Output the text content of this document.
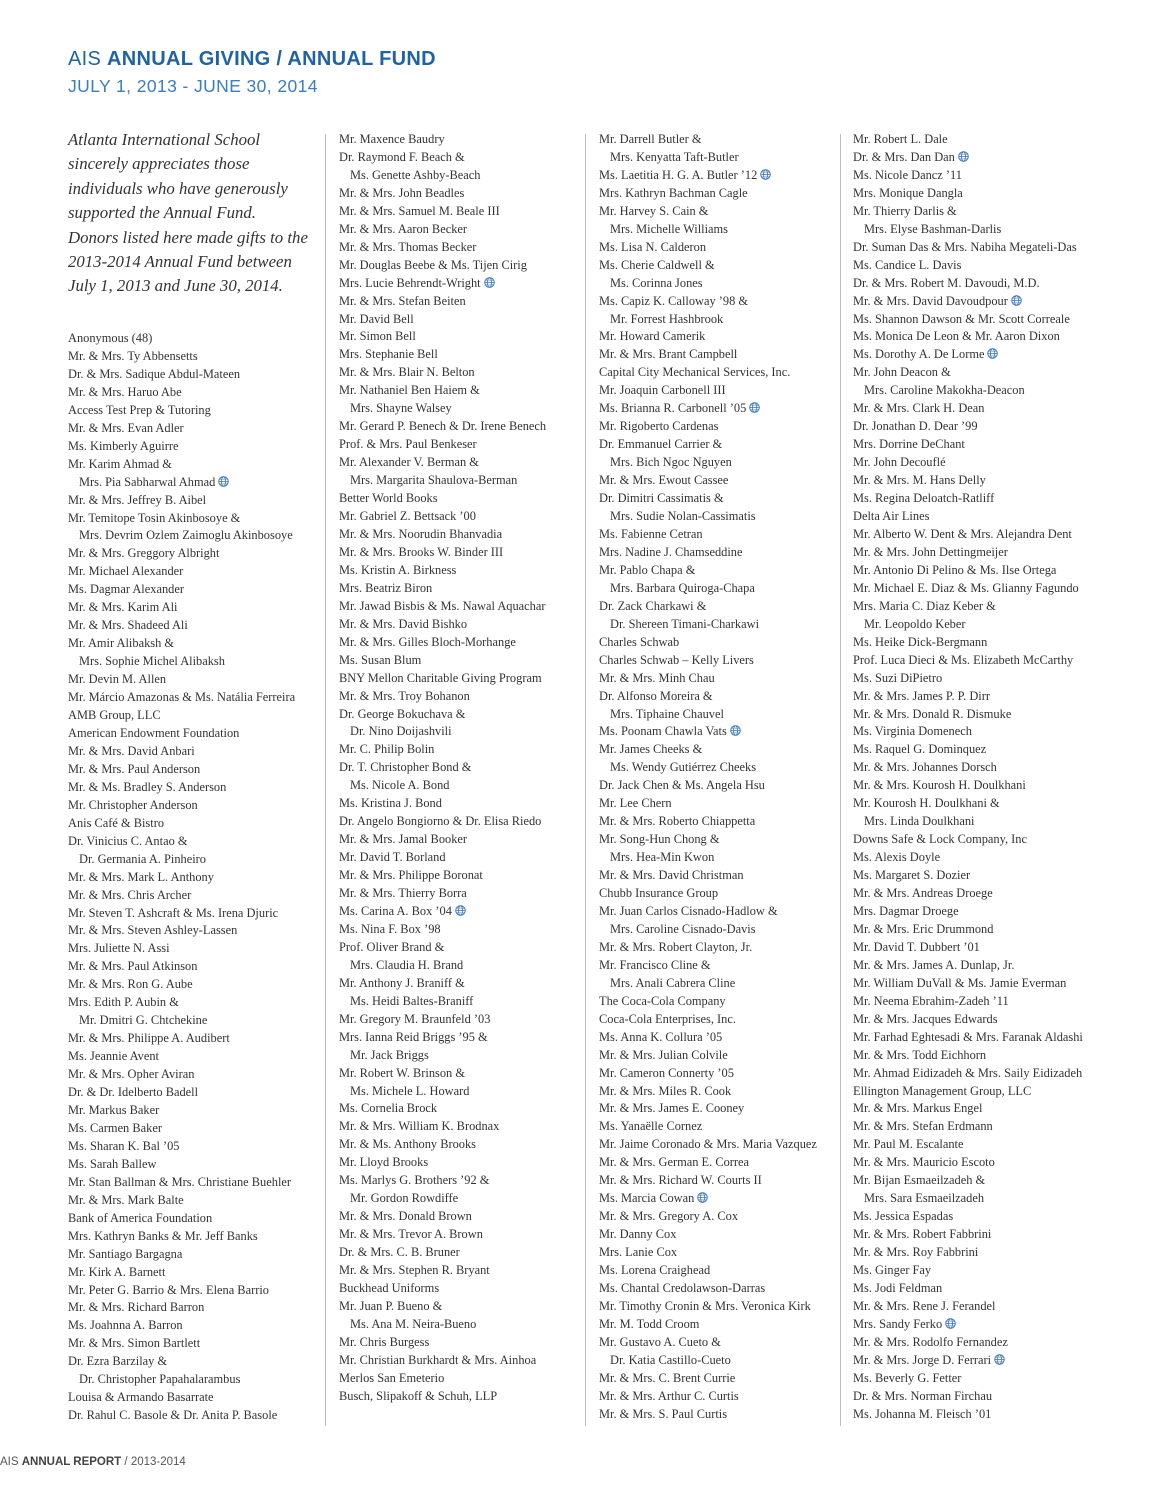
AIS ANNUAL GIVING / ANNUAL FUND
JULY 1, 2013 - JUNE 30, 2014
Atlanta International School
sincerely appreciates those
individuals who have generously
supported the Annual Fund.
Donors listed here made gifts to the
2013-2014 Annual Fund between
July 1, 2013 and June 30, 2014.
Anonymous (48)
Mr. & Mrs. Ty Abbensetts
Dr. & Mrs. Sadique Abdul-Mateen
Mr. & Mrs. Haruo Abe
Access Test Prep & Tutoring
Mr. & Mrs. Evan Adler
Ms. Kimberly Aguirre
Mr. Karim Ahmad &
Mrs. Pia Sabharwal Ahmad
Mr. & Mrs. Jeffrey B. Aibel
Mr. Temitope Tosin Akinbosoye &
Mrs. Devrim Ozlem Zaimoglu Akinbosoye
Mr. & Mrs. Greggory Albright
Mr. Michael Alexander
Ms. Dagmar Alexander
Mr. & Mrs. Karim Ali
Mr. & Mrs. Shadeed Ali
Mr. Amir Alibaksh &
Mrs. Sophie Michel Alibaksh
Mr. Devin M. Allen
Mr. Márcio Amazonas & Ms. Natália Ferreira
AMB Group, LLC
American Endowment Foundation
Mr. & Mrs. David Anbari
Mr. & Mrs. Paul Anderson
Mr. & Ms. Bradley S. Anderson
Mr. Christopher Anderson
Anis Café & Bistro
Dr. Vinicius C. Antao &
Dr. Germania A. Pinheiro
Mr. & Mrs. Mark L. Anthony
Mr. & Mrs. Chris Archer
Mr. Steven T. Ashcraft & Ms. Irena Djuric
Mr. & Mrs. Steven Ashley-Lassen
Mrs. Juliette N. Assi
Mr. & Mrs. Paul Atkinson
Mr. & Mrs. Ron G. Aube
Mrs. Edith P. Aubin &
Mr. Dmitri G. Chtchekine
Mr. & Mrs. Philippe A. Audibert
Ms. Jeannie Avent
Mr. & Mrs. Opher Aviran
Dr. & Dr. Idelberto Badell
Mr. Markus Baker
Ms. Carmen Baker
Ms. Sharan K. Bal ’05
Ms. Sarah Ballew
Mr. Stan Ballman & Mrs. Christiane Buehler
Mr. & Mrs. Mark Balte
Bank of America Foundation
Mrs. Kathryn Banks & Mr. Jeff Banks
Mr. Santiago Bargagna
Mr. Kirk A. Barnett
Mr. Peter G. Barrio & Mrs. Elena Barrio
Mr. & Mrs. Richard Barron
Ms. Joahnna A. Barron
Mr. & Mrs. Simon Bartlett
Dr. Ezra Barzilay &
Dr. Christopher Papahalarambus
Louisa & Armando Basarrate
Dr. Rahul C. Basole & Dr. Anita P. Basole
Mr. Maxence Baudry
Dr. Raymond F. Beach &
Ms. Genette Ashby-Beach
Mr. & Mrs. John Beadles
Mr. & Mrs. Samuel M. Beale III
Mr. & Mrs. Aaron Becker
Mr. & Mrs. Thomas Becker
Mr. Douglas Beebe & Ms. Tijen Cirig
Mrs. Lucie Behrendt-Wright
Mr. & Mrs. Stefan Beiten
Mr. David Bell
Mr. Simon Bell
Mrs. Stephanie Bell
Mr. & Mrs. Blair N. Belton
Mr. Nathaniel Ben Haiem &
Mrs. Shayne Walsey
Mr. Gerard P. Benech & Dr. Irene Benech
Prof. & Mrs. Paul Benkeser
Mr. Alexander V. Berman &
Mrs. Margarita Shaulova-Berman
Better World Books
Mr. Gabriel Z. Bettsack ’00
Mr. & Mrs. Noorudin Bhanvadia
Mr. & Mrs. Brooks W. Binder III
Ms. Kristin A. Birkness
Mrs. Beatriz Biron
Mr. Jawad Bisbis & Ms. Nawal Aquachar
Mr. & Mrs. David Bishko
Mr. & Mrs. Gilles Bloch-Morhange
Ms. Susan Blum
BNY Mellon Charitable Giving Program
Mr. & Mrs. Troy Bohanon
Dr. George Bokuchava &
Dr. Nino Doijashvili
Mr. C. Philip Bolin
Dr. T. Christopher Bond &
Ms. Nicole A. Bond
Ms. Kristina J. Bond
Dr. Angelo Bongiorno & Dr. Elisa Riedo
Mr. & Mrs. Jamal Booker
Mr. David T. Borland
Mr. & Mrs. Philippe Boronat
Mr. & Mrs. Thierry Borra
Ms. Carina A. Box ’04
Ms. Nina F. Box ’98
Prof. Oliver Brand &
Mrs. Claudia H. Brand
Mr. Anthony J. Braniff &
Ms. Heidi Baltes-Braniff
Mr. Gregory M. Braunfeld ’03
Mrs. Ianna Reid Briggs ’95 &
Mr. Jack Briggs
Mr. Robert W. Brinson &
Ms. Michele L. Howard
Ms. Cornelia Brock
Mr. & Mrs. William K. Brodnax
Mr. & Ms. Anthony Brooks
Mr. Lloyd Brooks
Ms. Marlys G. Brothers ’92 &
Mr. Gordon Rowdiffe
Mr. & Mrs. Donald Brown
Mr. & Mrs. Trevor A. Brown
Dr. & Mrs. C. B. Bruner
Mr. & Mrs. Stephen R. Bryant
Buckhead Uniforms
Mr. Juan P. Bueno &
Ms. Ana M. Neira-Bueno
Mr. Chris Burgess
Mr. Christian Burkhardt & Mrs. Ainhoa
Merlos San Emeterio
Busch, Slipakoff & Schuh, LLP
Mr. Darrell Butler &
Mrs. Kenyatta Taft-Butler
Ms. Laetitia H. G. A. Butler ’12
Mrs. Kathryn Bachman Cagle
Mr. Harvey S. Cain &
Mrs. Michelle Williams
Ms. Lisa N. Calderon
Ms. Cherie Caldwell &
Ms. Corinna Jones
Ms. Capiz K. Calloway ’98 &
Mr. Forrest Hashbrook
Mr. Howard Camerik
Mr. & Mrs. Brant Campbell
Capital City Mechanical Services, Inc.
Mr. Joaquin Carbonell III
Ms. Brianna R. Carbonell ’05
Mr. Rigoberto Cardenas
Dr. Emmanuel Carrier &
Mrs. Bich Ngoc Nguyen
Mr. & Mrs. Ewout Cassee
Dr. Dimitri Cassimatis &
Mrs. Sudie Nolan-Cassimatis
Ms. Fabienne Cetran
Mrs. Nadine J. Chamseddine
Mr. Pablo Chapa &
Mrs. Barbara Quiroga-Chapa
Dr. Zack Charkawi &
Dr. Shereen Timani-Charkawi
Charles Schwab
Charles Schwab – Kelly Livers
Mr. & Mrs. Minh Chau
Dr. Alfonso Moreira &
Mrs. Tiphaine Chauvel
Ms. Poonam Chawla Vats
Mr. James Cheeks &
Ms. Wendy Gutiérrez Cheeks
Dr. Jack Chen & Ms. Angela Hsu
Mr. Lee Chern
Mr. & Mrs. Roberto Chiappetta
Mr. Song-Hun Chong &
Mrs. Hea-Min Kwon
Mr. & Mrs. David Christman
Chubb Insurance Group
Mr. Juan Carlos Cisnado-Hadlow &
Mrs. Caroline Cisnado-Davis
Mr. & Mrs. Robert Clayton, Jr.
Mr. Francisco Cline &
Mrs. Anali Cabrera Cline
The Coca-Cola Company
Coca-Cola Enterprises, Inc.
Ms. Anna K. Collura ’05
Mr. & Mrs. Julian Colvile
Mr. Cameron Connerty ’05
Mr. & Mrs. Miles R. Cook
Mr. & Mrs. James E. Cooney
Ms. Yanaëlle Cornez
Mr. Jaime Coronado & Mrs. Maria Vazquez
Mr. & Mrs. German E. Correa
Mr. & Mrs. Richard W. Courts II
Ms. Marcia Cowan
Mr. & Mrs. Gregory A. Cox
Mr. Danny Cox
Mrs. Lanie Cox
Ms. Lorena Craighead
Ms. Chantal Credolawson-Darras
Mr. Timothy Cronin & Mrs. Veronica Kirk
Mr. M. Todd Croom
Mr. Gustavo A. Cueto &
Dr. Katia Castillo-Cueto
Mr. & Mrs. C. Brent Currie
Mr. & Mrs. Arthur C. Curtis
Mr. & Mrs. S. Paul Curtis
Mr. Robert L. Dale
Dr. & Mrs. Dan Dan
Ms. Nicole Dancz ’11
Mrs. Monique Dangla
Mr. Thierry Darlis &
Mrs. Elyse Bashman-Darlis
Dr. Suman Das & Mrs. Nabiha Megateli-Das
Ms. Candice L. Davis
Dr. & Mrs. Robert M. Davoudi, M.D.
Mr. & Mrs. David Davoudpour
Ms. Shannon Dawson & Mr. Scott Correale
Ms. Monica De Leon & Mr. Aaron Dixon
Ms. Dorothy A. De Lorme
Mr. John Deacon &
Mrs. Caroline Makokha-Deacon
Mr. & Mrs. Clark H. Dean
Dr. Jonathan D. Dear ’99
Mrs. Dorrine DeChant
Mr. John Decouflé
Mr. & Mrs. M. Hans Delly
Ms. Regina Deloatch-Ratliff
Delta Air Lines
Mr. Alberto W. Dent & Mrs. Alejandra Dent
Mr. & Mrs. John Dettingmeijer
Mr. Antonio Di Pelino & Ms. Ilse Ortega
Mr. Michael E. Diaz & Ms. Glianny Fagundo
Mrs. Maria C. Diaz Keber &
Mr. Leopoldo Keber
Ms. Heike Dick-Bergmann
Prof. Luca Dieci & Ms. Elizabeth McCarthy
Ms. Suzi DiPietro
Mr. & Mrs. James P. P. Dirr
Mr. & Mrs. Donald R. Dismuke
Ms. Virginia Domenech
Ms. Raquel G. Dominquez
Mr. & Mrs. Johannes Dorsch
Mr. & Mrs. Kourosh H. Doulkhani
Mr. Kourosh H. Doulkhani &
Mrs. Linda Doulkhani
Downs Safe & Lock Company, Inc
Ms. Alexis Doyle
Ms. Margaret S. Dozier
Mr. & Mrs. Andreas Droege
Mrs. Dagmar Droege
Mr. & Mrs. Eric Drummond
Mr. David T. Dubbert ’01
Mr. & Mrs. James A. Dunlap, Jr.
Mr. William DuVall & Ms. Jamie Everman
Mr. Neema Ebrahim-Zadeh ’11
Mr. & Mrs. Jacques Edwards
Mr. Farhad Eghtesadi & Mrs. Faranak Aldashi
Mr. & Mrs. Todd Eichhorn
Mr. Ahmad Eidizadeh & Mrs. Saily Eidizadeh
Ellington Management Group, LLC
Mr. & Mrs. Markus Engel
Mr. & Mrs. Stefan Erdmann
Mr. Paul M. Escalante
Mr. & Mrs. Mauricio Escoto
Mr. Bijan Esmaeilzadeh &
Mrs. Sara Esmaeilzadeh
Ms. Jessica Espadas
Mr. & Mrs. Robert Fabbrini
Mr. & Mrs. Roy Fabbrini
Ms. Ginger Fay
Ms. Jodi Feldman
Mr. & Mrs. Rene J. Ferandel
Mrs. Sandy Ferko
Mr. & Mrs. Rodolfo Fernandez
Mr. & Mrs. Jorge D. Ferrari
Ms. Beverly G. Fetter
Dr. & Mrs. Norman Firchau
Ms. Johanna M. Fleisch ’01
AIS ANNUAL REPORT / 2013-2014
